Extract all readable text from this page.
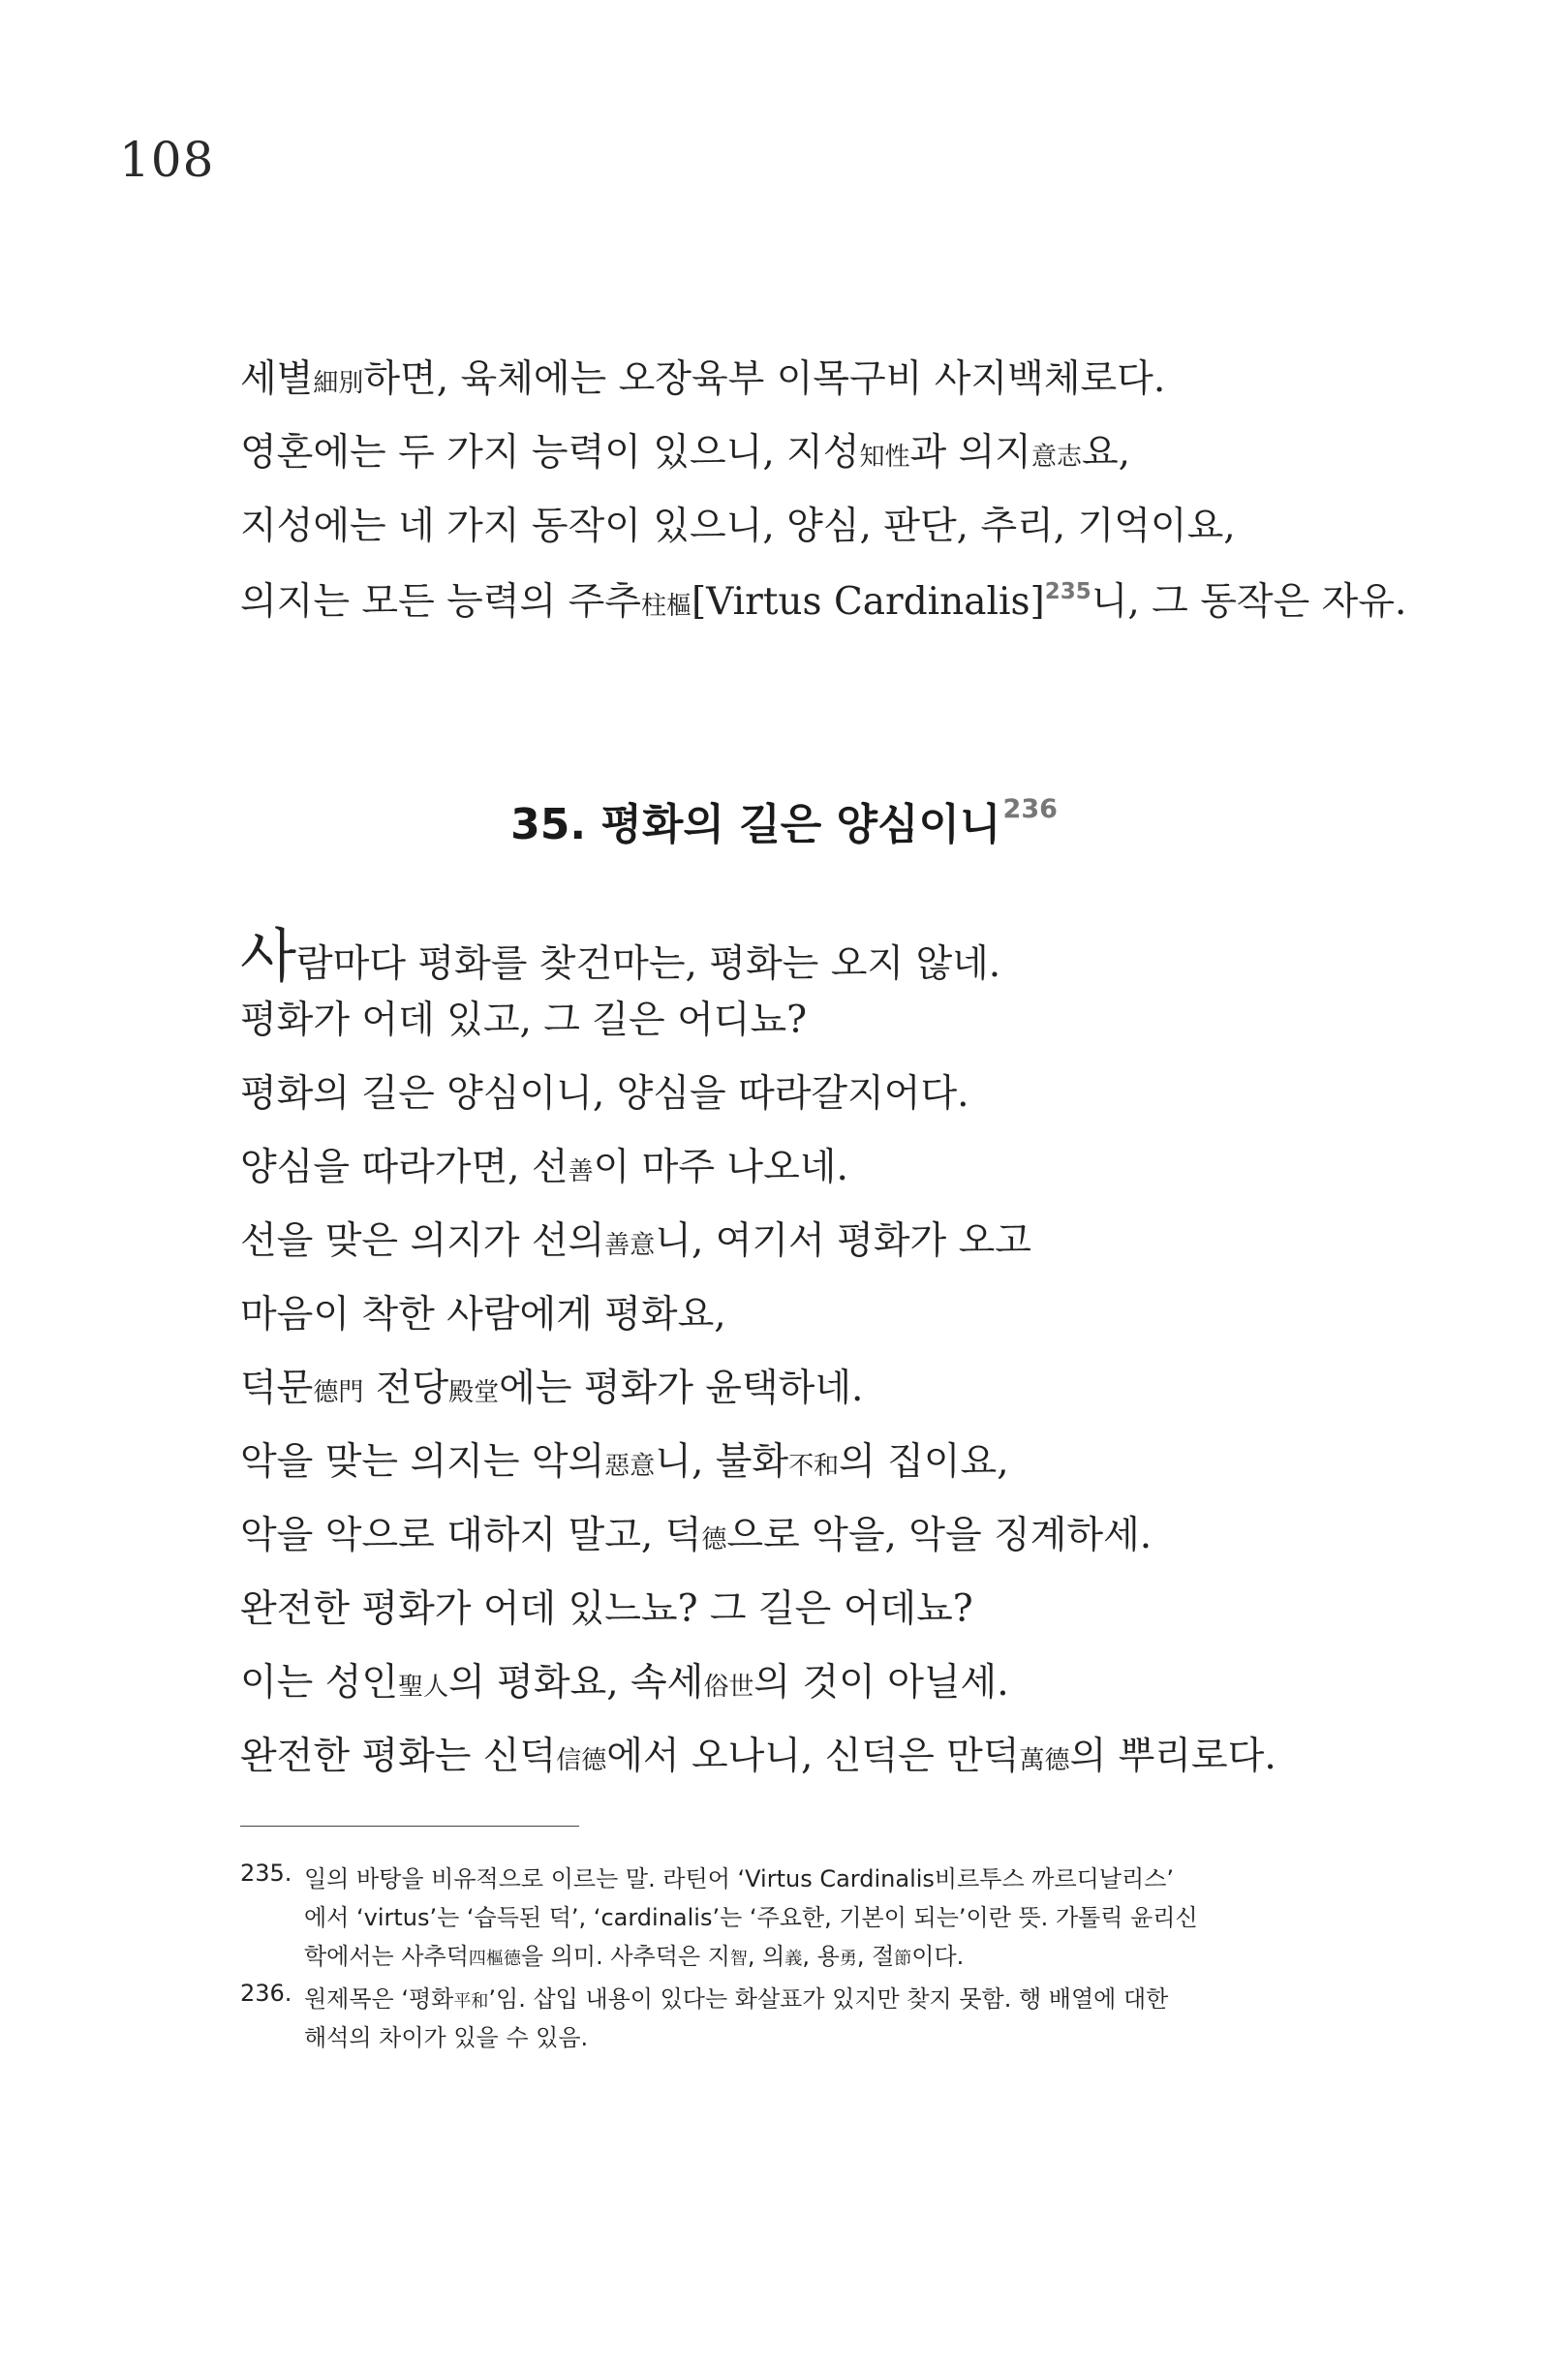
108
세별細別하면, 육체에는 오장육부 이목구비 사지백체로다.
영혼에는 두 가지 능력이 있으니, 지성知性과 의지意志요,
지성에는 네 가지 동작이 있으니, 양심, 판단, 추리, 기억이요,
의지는 모든 능력의 주추柱樞[Virtus Cardinalis]$^{235}$니, 그 동작은 자유.
35. 평화의 길은 양심이니$^{236}$
사람마다 평화를 찾건마는, 평화는 오지 않네.
평화가 어데 있고, 그 길은 어디뇨?
평화의 길은 양심이니, 양심을 따라갈지어다.
양심을 따라가면, 선善이 마주 나오네.
선을 맞은 의지가 선의善意니, 여기서 평화가 오고
마음이 착한 사람에게 평화요,
덕문德門 전당殿堂에는 평화가 윤택하네.
악을 맞는 의지는 악의惡意니, 불화不和의 집이요,
악을 악으로 대하지 말고, 덕德으로 악을, 악을 징계하세.
완전한 평화가 어데 있느뇨? 그 길은 어데뇨?
이는 성인聖人의 평화요, 속세俗世의 것이 아닐세.
완전한 평화는 신덕信德에서 오나니, 신덕은 만덕萬德의 뿌리로다.
235. 일의 바탕을 비유적으로 이르는 말. 라틴어 ‘Virtus Cardinalis비르투스 까르디날리스’
에서 ‘virtus’는 ‘습득된 덕’, ‘cardinalis’는 ‘주요한, 기본이 되는’이란 뜻. 가톨릭 윤리신
학에서는 사추덕四樞德을 의미. 사추덕은 지智, 의義, 용勇, 절節이다.
236. 원제목은 ‘평화平和’임. 삽입 내용이 있다는 화살표가 있지만 찾지 못함. 행 배열에 대한
해석의 차이가 있을 수 있음.
